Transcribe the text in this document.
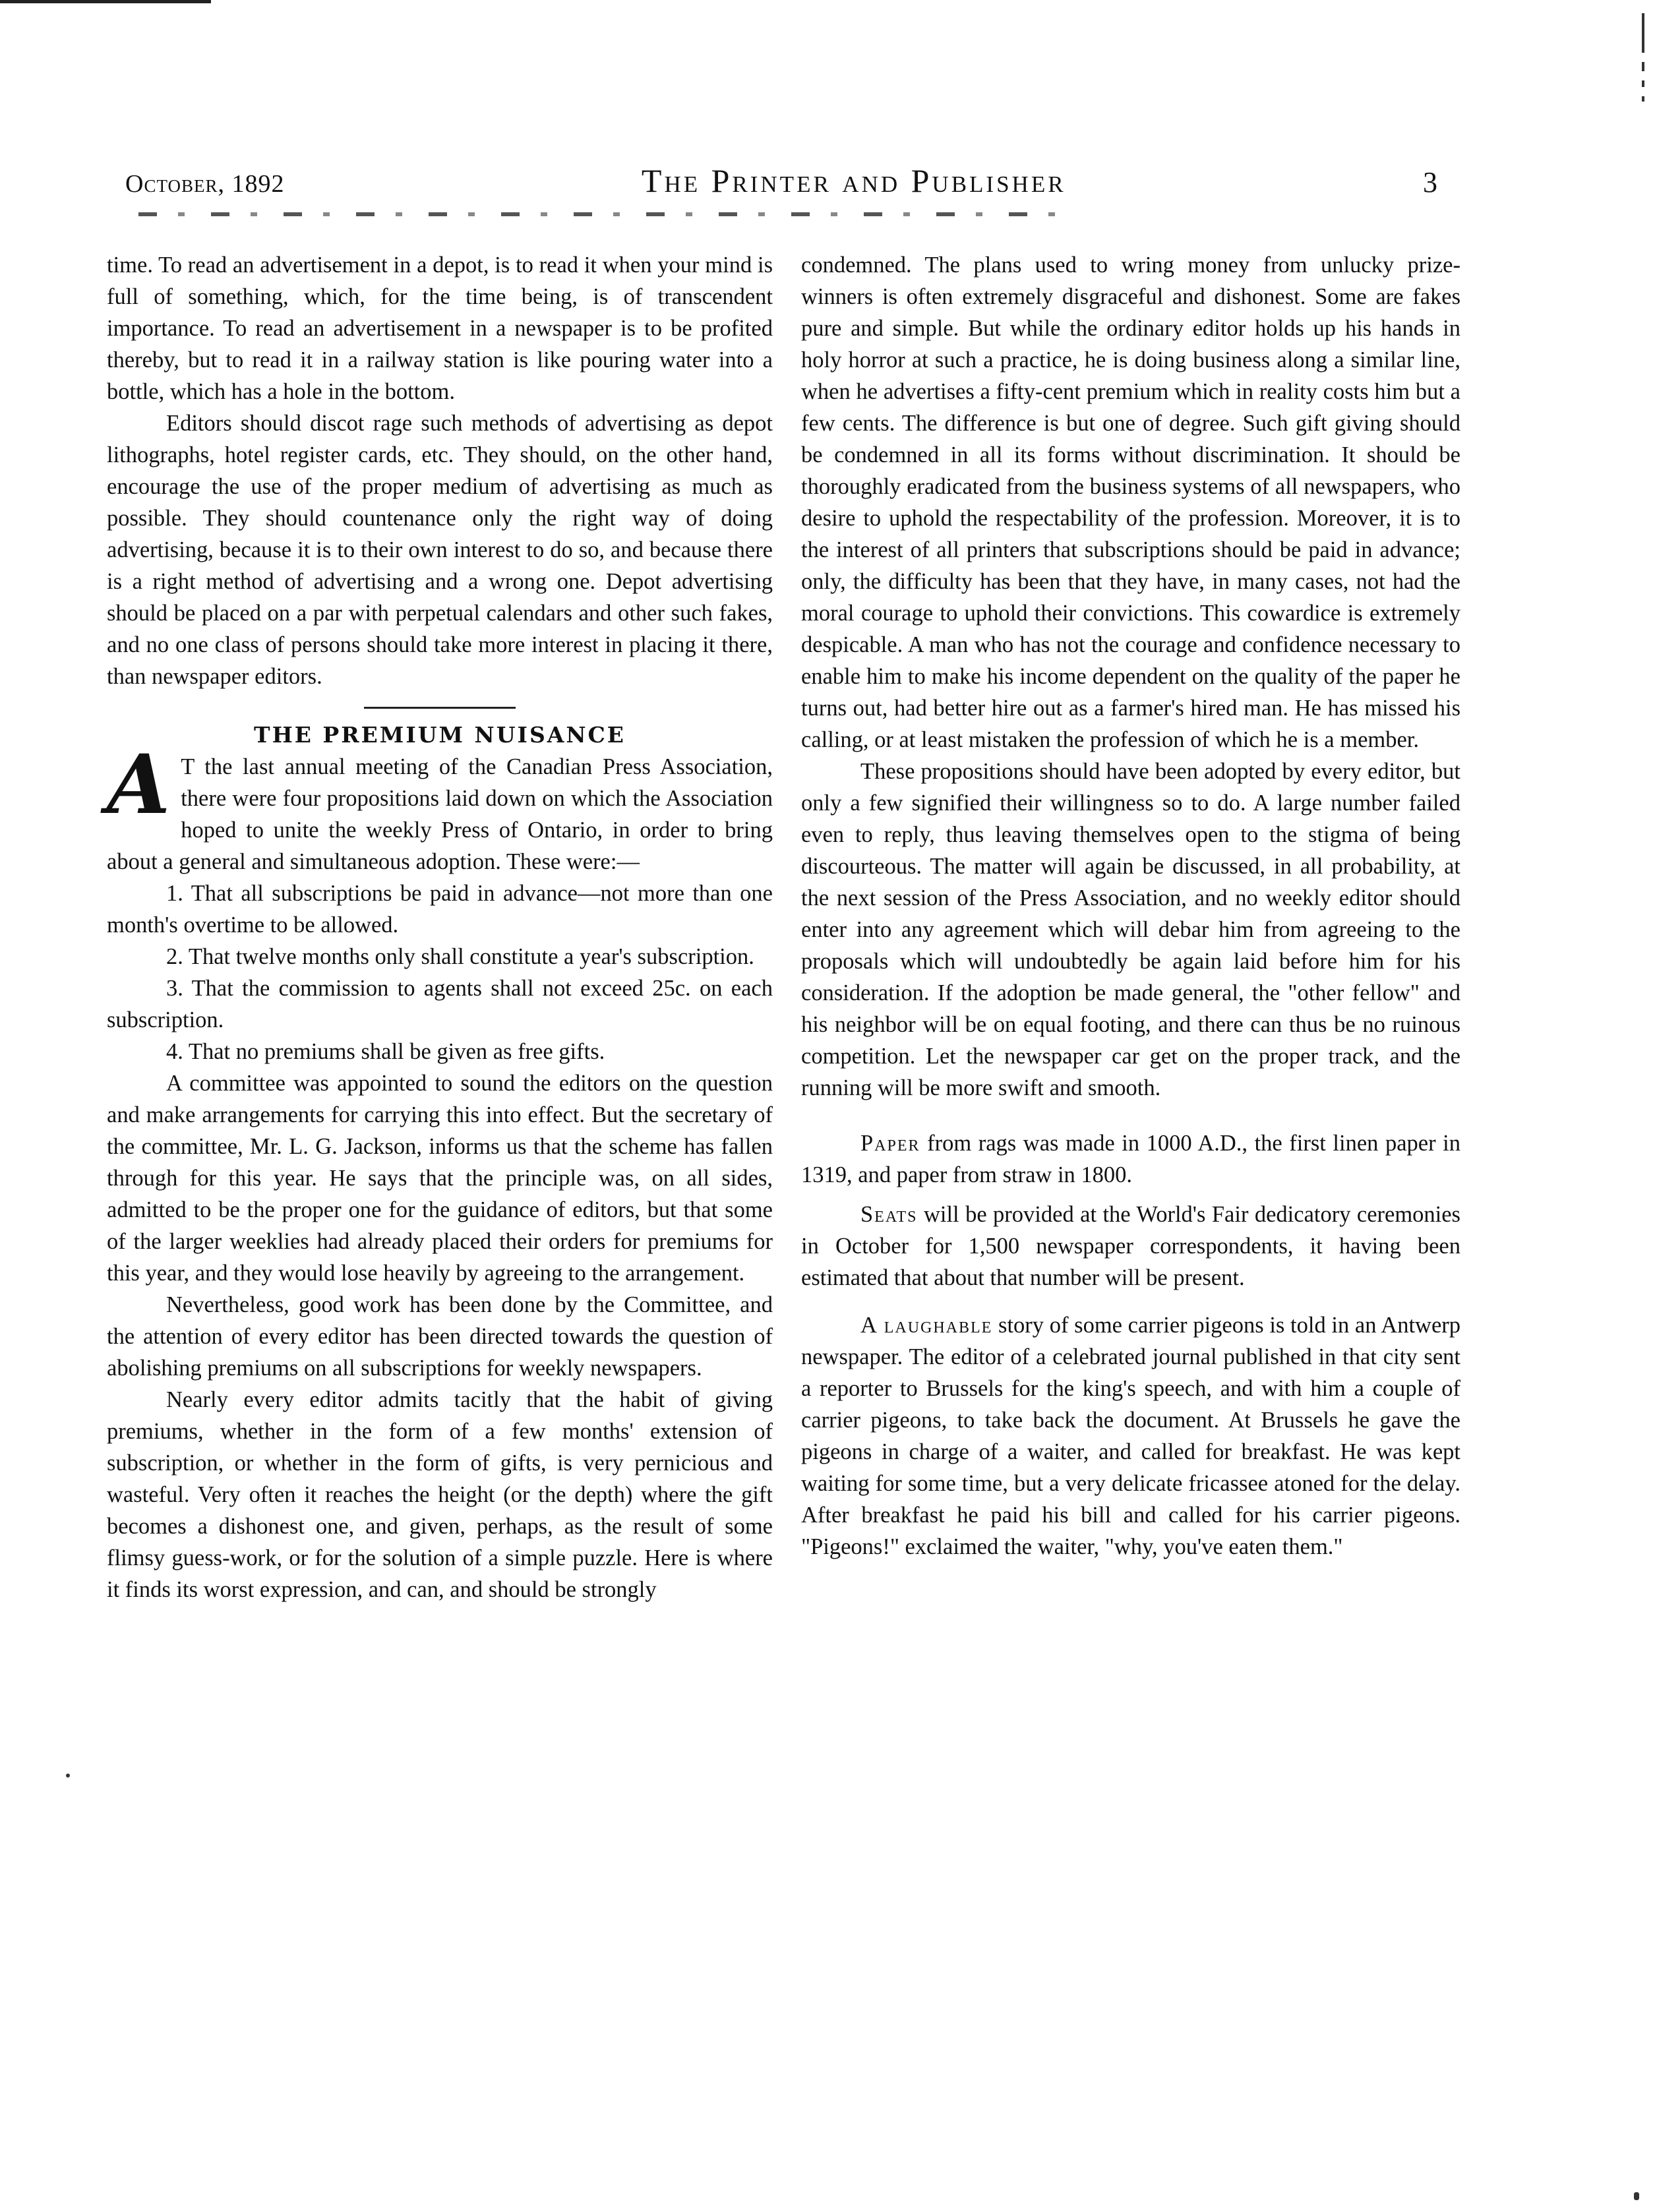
October, 1892	The Printer and Publisher	3

time. To read an advertisement in a depot, is to read it when your mind is full of something, which, for the time being, is of transcendent importance. To read an advertisement in a newspaper is to be profited thereby, but to read it in a railway station is like pouring water into a bottle, which has a hole in the bottom.

Editors should discot rage such methods of advertising as depot lithographs, hotel register cards, etc. They should, on the other hand, encourage the use of the proper medium of advertising as much as possible. They should countenance only the right way of doing advertising, because it is to their own interest to do so, and because there is a right method of advertising and a wrong one. Depot advertising should be placed on a par with perpetual calendars and other such fakes, and no one class of persons should take more interest in placing it there, than newspaper editors.

THE PREMIUM NUISANCE

A T the last annual meeting of the Canadian Press Association, there were four propositions laid down on which the Association hoped to unite the weekly Press of Ontario, in order to bring about a general and simultaneous adoption. These were:—

1. That all subscriptions be paid in advance—not more than one month's overtime to be allowed.

2. That twelve months only shall constitute a year's subscription.

3. That the commission to agents shall not exceed 25c. on each subscription.

4. That no premiums shall be given as free gifts.

A committee was appointed to sound the editors on the question and make arrangements for carrying this into effect. But the secretary of the committee, Mr. L. G. Jackson, informs us that the scheme has fallen through for this year. He says that the principle was, on all sides, admitted to be the proper one for the guidance of editors, but that some of the larger weeklies had already placed their orders for premiums for this year, and they would lose heavily by agreeing to the arrangement.

Nevertheless, good work has been done by the Committee, and the attention of every editor has been directed towards the question of abolishing premiums on all subscriptions for weekly newspapers.

Nearly every editor admits tacitly that the habit of giving premiums, whether in the form of a few months' extension of subscription, or whether in the form of gifts, is very pernicious and wasteful. Very often it reaches the height (or the depth) where the gift becomes a dishonest one, and given, perhaps, as the result of some flimsy guess-work, or for the solution of a simple puzzle. Here is where it finds its worst expression, and can, and should be strongly

condemned. The plans used to wring money from unlucky prize-winners is often extremely disgraceful and dishonest. Some are fakes pure and simple. But while the ordinary editor holds up his hands in holy horror at such a practice, he is doing business along a similar line, when he advertises a fifty-cent premium which in reality costs him but a few cents. The difference is but one of degree. Such gift giving should be condemned in all its forms without discrimination. It should be thoroughly eradicated from the business systems of all newspapers, who desire to uphold the respectability of the profession. Moreover, it is to the interest of all printers that subscriptions should be paid in advance; only, the difficulty has been that they have, in many cases, not had the moral courage to uphold their convictions. This cowardice is extremely despicable. A man who has not the courage and confidence necessary to enable him to make his income dependent on the quality of the paper he turns out, had better hire out as a farmer's hired man. He has missed his calling, or at least mistaken the profession of which he is a member.

These propositions should have been adopted by every editor, but only a few signified their willingness so to do. A large number failed even to reply, thus leaving themselves open to the stigma of being discourteous. The matter will again be discussed, in all probability, at the next session of the Press Association, and no weekly editor should enter into any agreement which will debar him from agreeing to the proposals which will undoubtedly be again laid before him for his consideration. If the adoption be made general, the "other fellow" and his neighbor will be on equal footing, and there can thus be no ruinous competition. Let the newspaper car get on the proper track, and the running will be more swift and smooth.

Paper from rags was made in 1000 A.D., the first linen paper in 1319, and paper from straw in 1800.

Seats will be provided at the World's Fair dedicatory ceremonies in October for 1,500 newspaper correspondents, it having been estimated that about that number will be present.

A laughable story of some carrier pigeons is told in an Antwerp newspaper. The editor of a celebrated journal published in that city sent a reporter to Brussels for the king's speech, and with him a couple of carrier pigeons, to take back the document. At Brussels he gave the pigeons in charge of a waiter, and called for breakfast. He was kept waiting for some time, but a very delicate fricassee atoned for the delay. After breakfast he paid his bill and called for his carrier pigeons. "Pigeons!" exclaimed the waiter, "why, you've eaten them."
